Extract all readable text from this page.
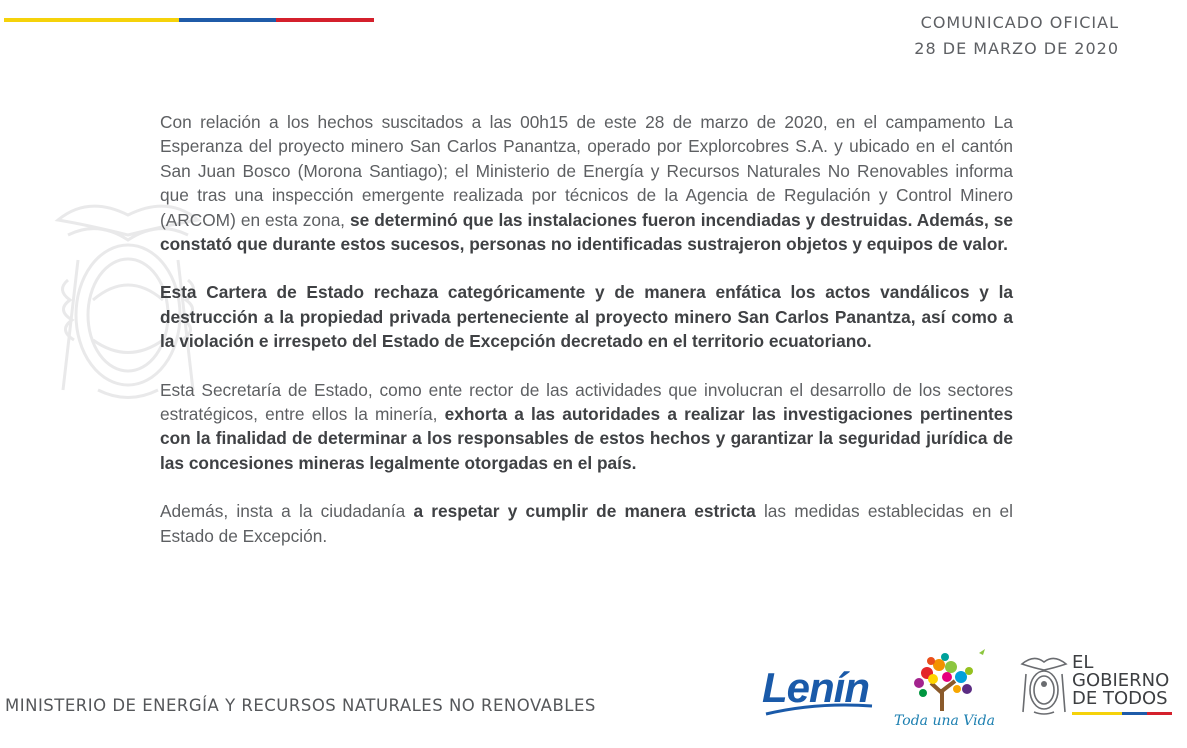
COMUNICADO OFICIAL
28 DE MARZO DE 2020

Con relación a los hechos suscitados a las 00h15 de este 28 de marzo de 2020, en el campamento La Esperanza del proyecto minero San Carlos Panantza, operado por Explorcobres S.A. y ubicado en el cantón San Juan Bosco (Morona Santiago); el Ministerio de Energía y Recursos Naturales No Renovables informa que tras una inspección emergente realizada por técnicos de la Agencia de Regulación y Control Minero (ARCOM) en esta zona, se determinó que las instalaciones fueron incendiadas y destruidas. Además, se constató que durante estos sucesos, personas no identificadas sustrajeron objetos y equipos de valor.

Esta Cartera de Estado rechaza categóricamente y de manera enfática los actos vandálicos y la destrucción a la propiedad privada perteneciente al proyecto minero San Carlos Panantza, así como a la violación e irrespeto del Estado de Excepción decretado en el territorio ecuatoriano.

Esta Secretaría de Estado, como ente rector de las actividades que involucran el desarrollo de los sectores estratégicos, entre ellos la minería, exhorta a las autoridades a realizar las investigaciones pertinentes con la finalidad de determinar a los responsables de estos hechos y garantizar la seguridad jurídica de las concesiones mineras legalmente otorgadas en el país.

Además, insta a la ciudadanía a respetar y cumplir de manera estricta las medidas establecidas en el Estado de Excepción.

MINISTERIO DE ENERGÍA Y RECURSOS NATURALES NO RENOVABLES	Lenín
Toda una Vida
EL
GOBIERNO
DE TODOS
